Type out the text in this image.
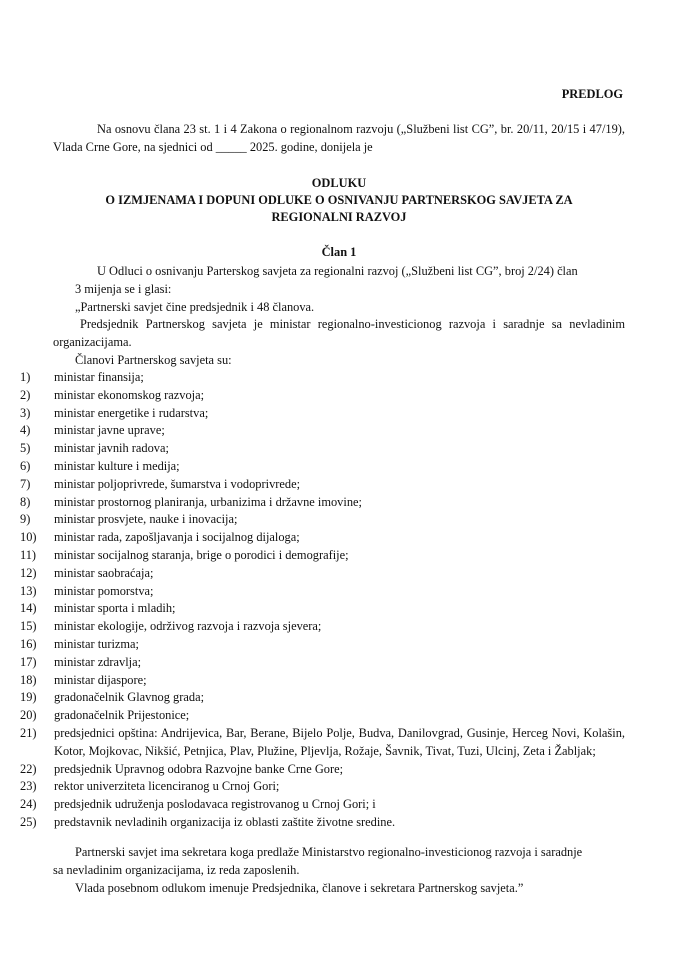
PREDLOG

Na osnovu člana 23 st. 1 i 4 Zakona o regionalnom razvoju („Službeni list CG”, br. 20/11, 20/15 i 47/19), Vlada Crne Gore, na sjednici od _____ 2025. godine, donijela je

ODLUKU
O IZMJENAMA I DOPUNI ODLUKE O OSNIVANJU PARTNERSKOG SAVJETA ZA
REGIONALNI RAZVOJ
Član 1

U Odluci o osnivanju Parterskog savjeta za regionalni razvoj („Službeni list CG”, broj 2/24) član

3 mijenja se i glasi:

„Partnerski savjet čine predsjednik i 48 članova.

Predsjednik Partnerskog savjeta je ministar regionalno-investicionog razvoja i saradnje sa nevladinim organizacijama.

Članovi Partnerskog savjeta su:

1)	ministar finansija;
2)	ministar ekonomskog razvoja;
3)	ministar energetike i rudarstva;
4)	ministar javne uprave;
5)	ministar javnih radova;
6)	ministar kulture i medija;
7)	ministar poljoprivrede, šumarstva i vodoprivrede;
8)	ministar prostornog planiranja, urbanizima i državne imovine;
9)	ministar prosvjete, nauke i inovacija;
10)	ministar rada, zapošljavanja i socijalnog dijaloga;
11)	ministar socijalnog staranja, brige o porodici i demografije;
12)	ministar saobraćaja;
13)	ministar pomorstva;
14)	ministar sporta i mladih;
15)	ministar ekologije, održivog razvoja i razvoja sjevera;
16)	ministar turizma;
17)	ministar zdravlja;
18)	ministar dijaspore;
19)	gradonačelnik Glavnog grada;
20)	gradonačelnik Prijestonice;
21)	predsjednici opština: Andrijevica, Bar, Berane, Bijelo Polje, Budva, Danilovgrad, Gusinje, Herceg Novi, Kolašin, Kotor, Mojkovac, Nikšić, Petnjica, Plav, Plužine, Pljevlja, Rožaje, Šavnik, Tivat, Tuzi, Ulcinj, Zeta i Žabljak;
22)	predsjednik Upravnog odobra Razvojne banke Crne Gore;
23)	rektor univerziteta licenciranog u Crnoj Gori;
24)	predsjednik udruženja poslodavaca registrovanog u Crnoj Gori; i
25)	predstavnik nevladinih organizacija iz oblasti zaštite životne sredine.

Partnerski savjet ima sekretara koga predlaže Ministarstvo regionalno-investicionog razvoja i saradnje

sa nevladinim organizacijama, iz reda zaposlenih.

Vlada posebnom odlukom imenuje Predsjednika, članove i sekretara Partnerskog savjeta.”
